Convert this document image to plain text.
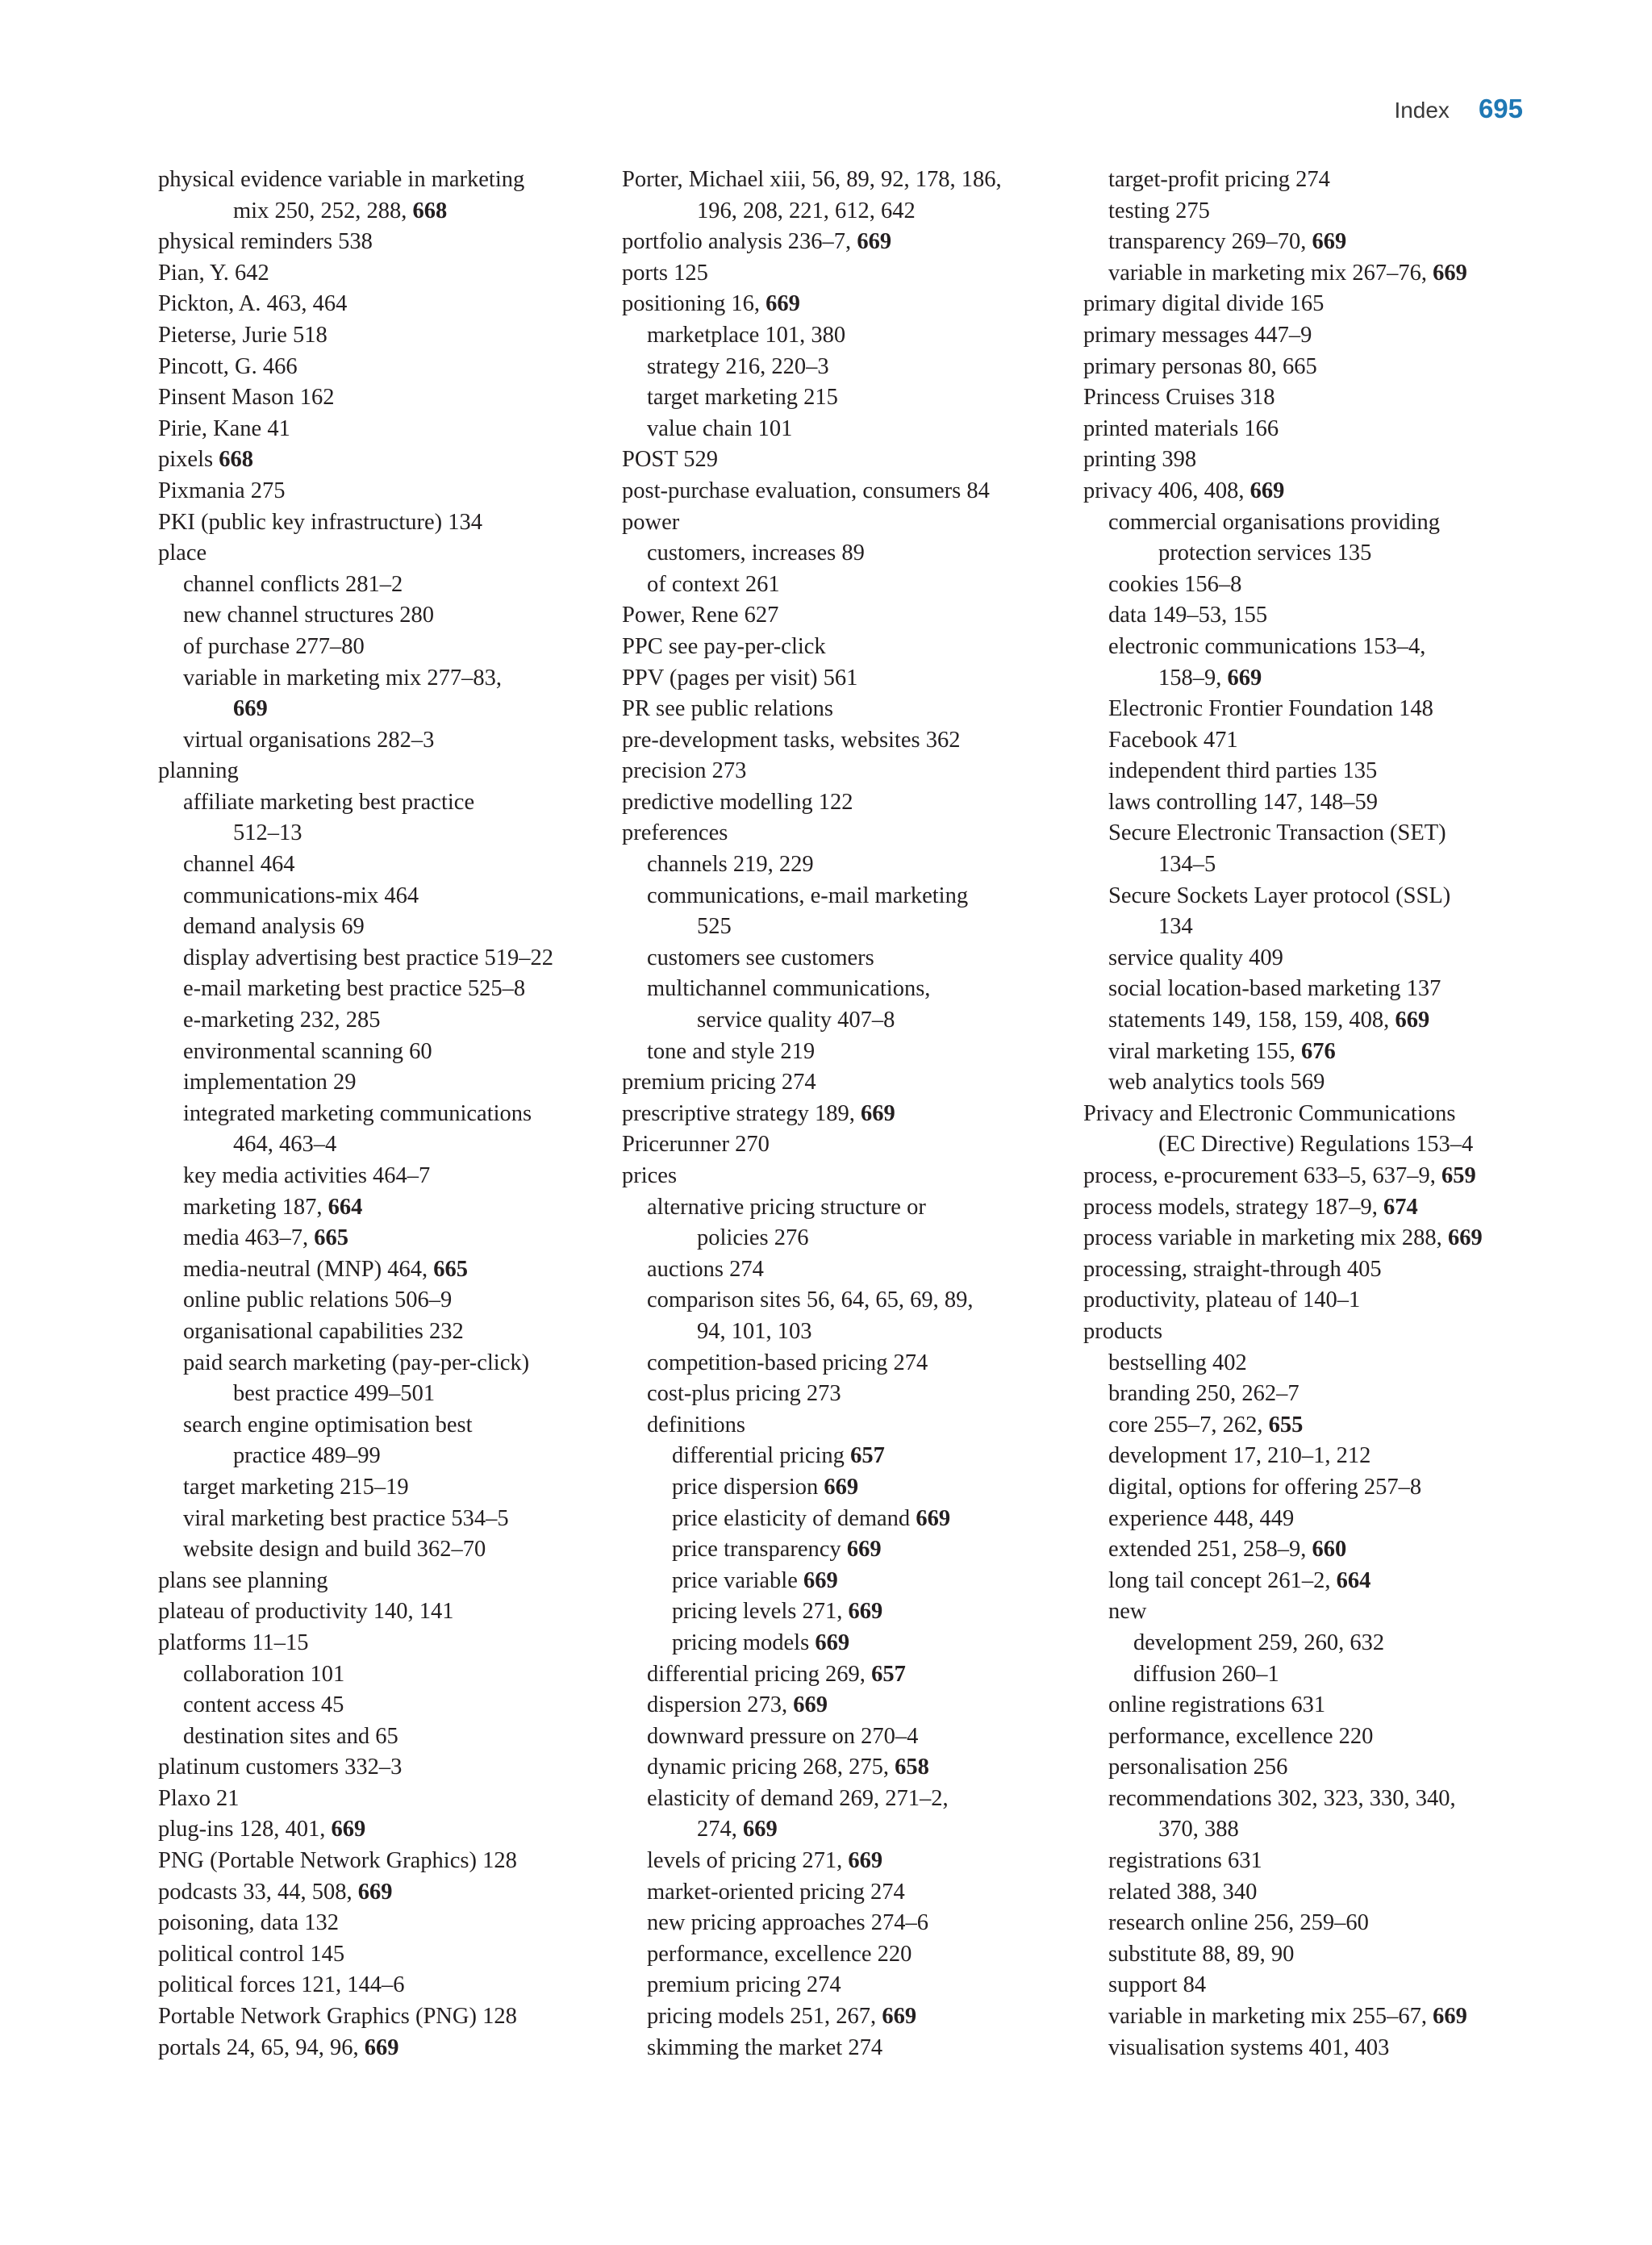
Index 695
physical evidence variable in marketing
mix 250, 252, 288, 668
physical reminders 538
Pian, Y. 642
Pickton, A. 463, 464
Pieterse, Jurie 518
Pincott, G. 466
Pinsent Mason 162
Pirie, Kane 41
pixels 668
Pixmania 275
PKI (public key infrastructure) 134
place
channel conflicts 281–2
new channel structures 280
of purchase 277–80
variable in marketing mix 277–83,
669
virtual organisations 282–3
planning
affiliate marketing best practice
512–13
channel 464
communications-mix 464
demand analysis 69
display advertising best practice 519–22
e-mail marketing best practice 525–8
e-marketing 232, 285
environmental scanning 60
implementation 29
integrated marketing communications
464, 463–4
key media activities 464–7
marketing 187, 664
media 463–7, 665
media-neutral (MNP) 464, 665
online public relations 506–9
organisational capabilities 232
paid search marketing (pay-per-click)
best practice 499–501
search engine optimisation best
practice 489–99
target marketing 215–19
viral marketing best practice 534–5
website design and build 362–70
plans see planning
plateau of productivity 140, 141
platforms 11–15
collaboration 101
content access 45
destination sites and 65
platinum customers 332–3
Plaxo 21
plug-ins 128, 401, 669
PNG (Portable Network Graphics) 128
podcasts 33, 44, 508, 669
poisoning, data 132
political control 145
political forces 121, 144–6
Portable Network Graphics (PNG) 128
portals 24, 65, 94, 96, 669
Porter, Michael xiii, 56, 89, 92, 178, 186,
196, 208, 221, 612, 642
portfolio analysis 236–7, 669
ports 125
positioning 16, 669
marketplace 101, 380
strategy 216, 220–3
target marketing 215
value chain 101
POST 529
post-purchase evaluation, consumers 84
power
customers, increases 89
of context 261
Power, Rene 627
PPC see pay-per-click
PPV (pages per visit) 561
PR see public relations
pre-development tasks, websites 362
precision 273
predictive modelling 122
preferences
channels 219, 229
communications, e-mail marketing
525
customers see customers
multichannel communications,
service quality 407–8
tone and style 219
premium pricing 274
prescriptive strategy 189, 669
Pricerunner 270
prices
alternative pricing structure or
policies 276
auctions 274
comparison sites 56, 64, 65, 69, 89,
94, 101, 103
competition-based pricing 274
cost-plus pricing 273
definitions
differential pricing 657
price dispersion 669
price elasticity of demand 669
price transparency 669
price variable 669
pricing levels 271, 669
pricing models 669
differential pricing 269, 657
dispersion 273, 669
downward pressure on 270–4
dynamic pricing 268, 275, 658
elasticity of demand 269, 271–2,
274, 669
levels of pricing 271, 669
market-oriented pricing 274
new pricing approaches 274–6
performance, excellence 220
premium pricing 274
pricing models 251, 267, 669
skimming the market 274
target-profit pricing 274
testing 275
transparency 269–70, 669
variable in marketing mix 267–76, 669
primary digital divide 165
primary messages 447–9
primary personas 80, 665
Princess Cruises 318
printed materials 166
printing 398
privacy 406, 408, 669
commercial organisations providing
protection services 135
cookies 156–8
data 149–53, 155
electronic communications 153–4,
158–9, 669
Electronic Frontier Foundation 148
Facebook 471
independent third parties 135
laws controlling 147, 148–59
Secure Electronic Transaction (SET)
134–5
Secure Sockets Layer protocol (SSL)
134
service quality 409
social location-based marketing 137
statements 149, 158, 159, 408, 669
viral marketing 155, 676
web analytics tools 569
Privacy and Electronic Communications
(EC Directive) Regulations 153–4
process, e-procurement 633–5, 637–9, 659
process models, strategy 187–9, 674
process variable in marketing mix 288, 669
processing, straight-through 405
productivity, plateau of 140–1
products
bestselling 402
branding 250, 262–7
core 255–7, 262, 655
development 17, 210–1, 212
digital, options for offering 257–8
experience 448, 449
extended 251, 258–9, 660
long tail concept 261–2, 664
new
development 259, 260, 632
diffusion 260–1
online registrations 631
performance, excellence 220
personalisation 256
recommendations 302, 323, 330, 340,
370, 388
registrations 631
related 388, 340
research online 256, 259–60
substitute 88, 89, 90
support 84
variable in marketing mix 255–67, 669
visualisation systems 401, 403
